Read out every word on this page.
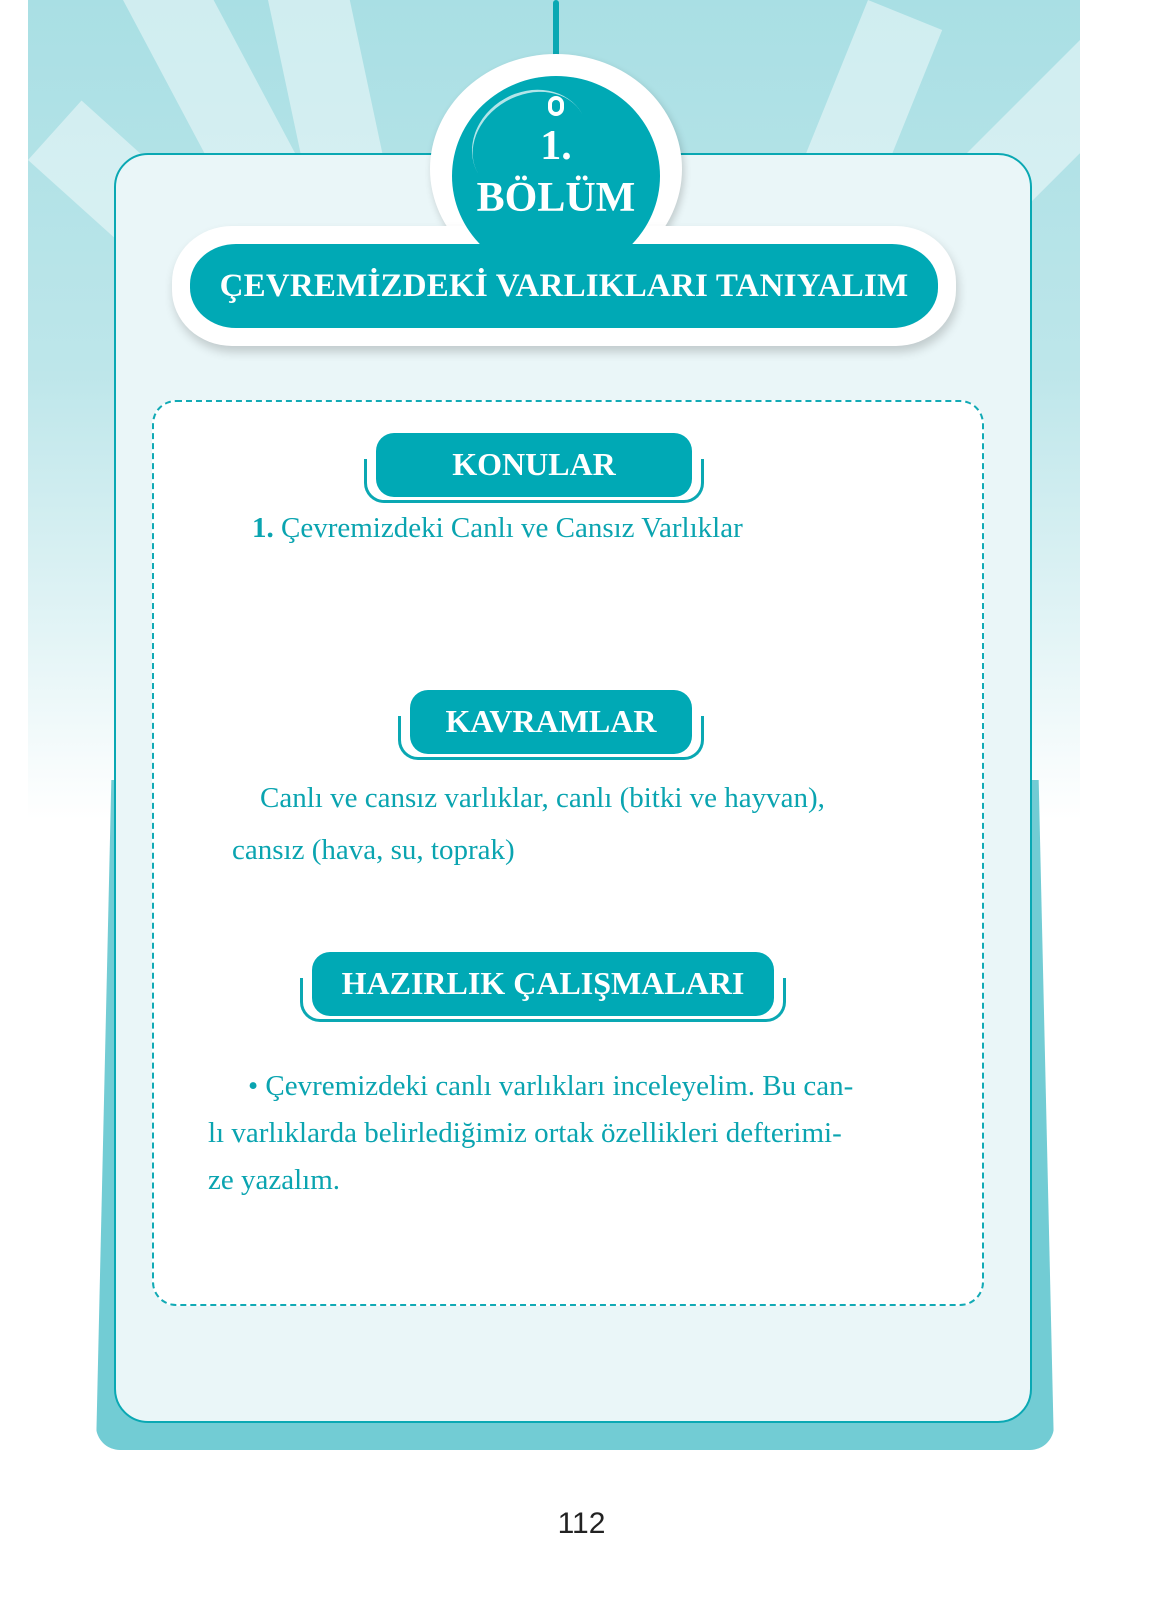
1.
BÖLÜM
ÇEVREMİZDEKİ VARLIKLARI TANIYALIM
KONULAR
1. Çevremizdeki Canlı ve Cansız Varlıklar
KAVRAMLAR
Canlı ve cansız varlıklar, canlı (bitki ve hayvan),
cansız (hava, su, toprak)
HAZIRLIK ÇALIŞMALARI
• Çevremizdeki canlı varlıkları inceleyelim. Bu can-
lı varlıklarda belirlediğimiz ortak özellikleri defterimi-
ze yazalım.
112
